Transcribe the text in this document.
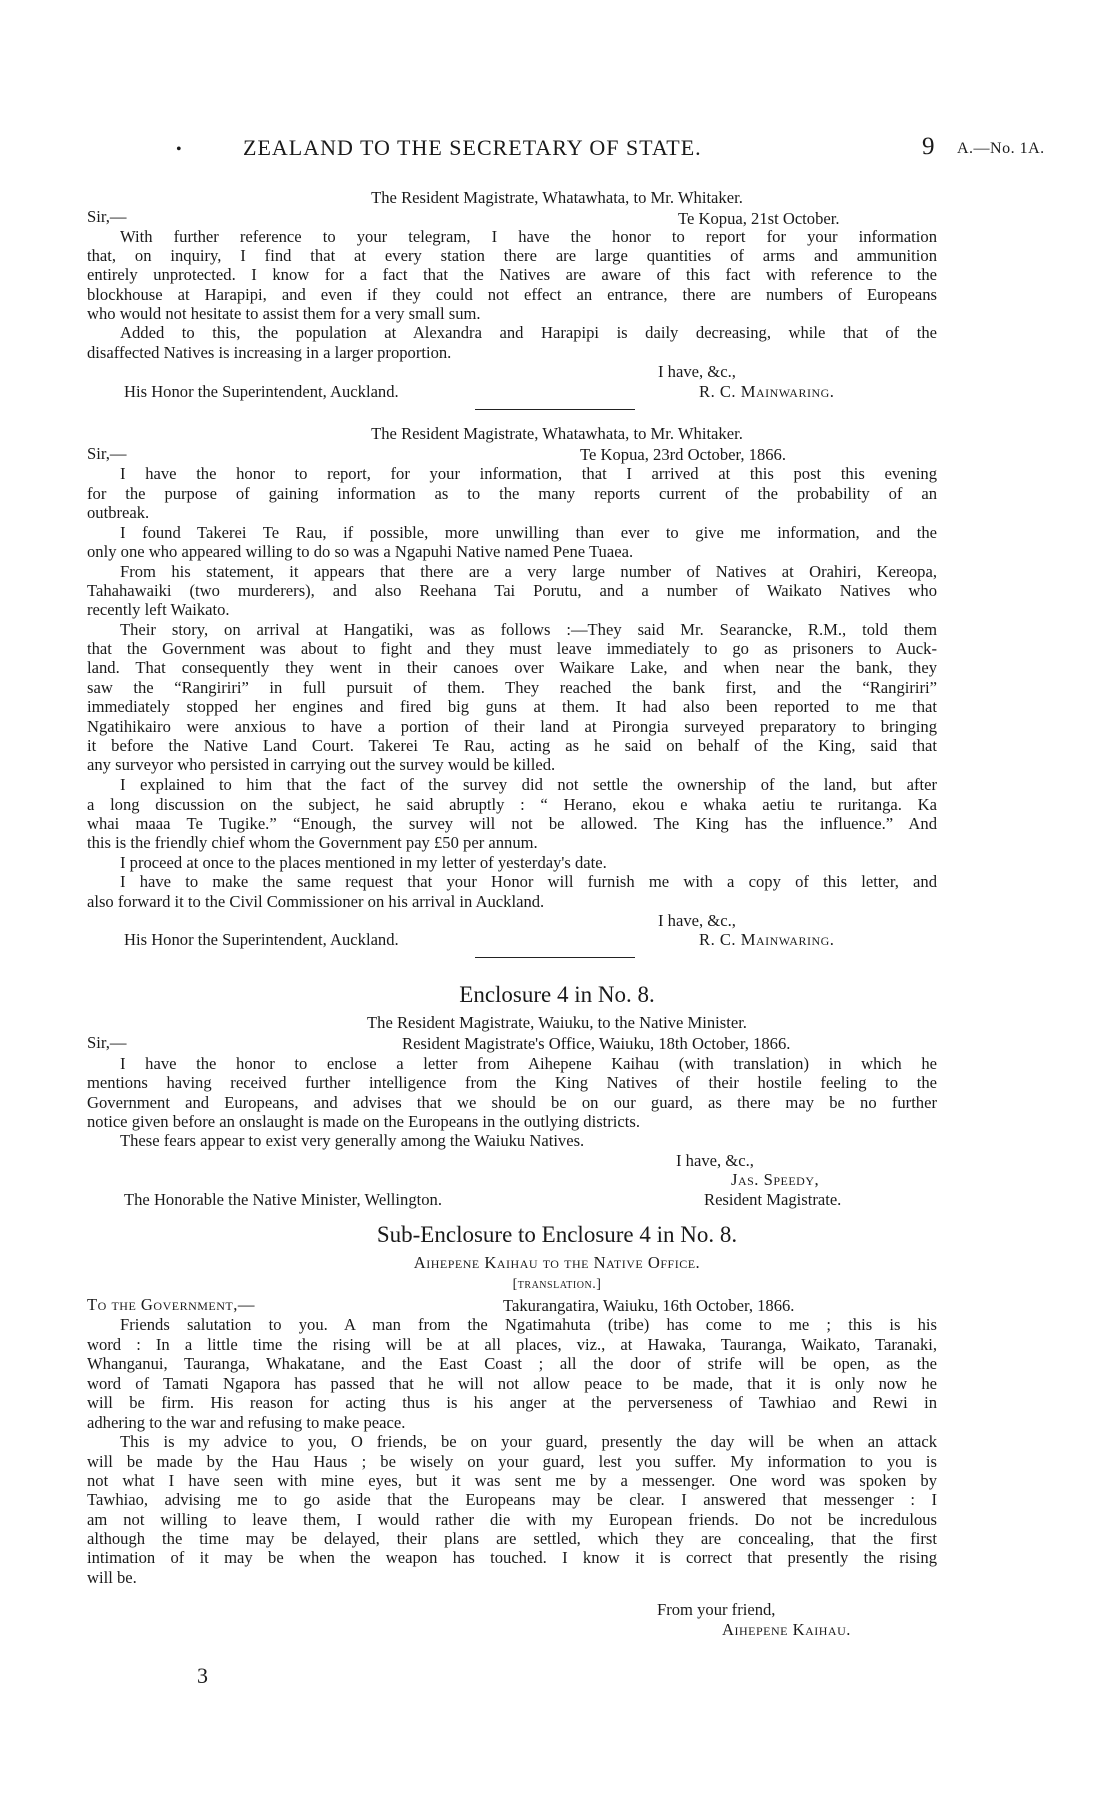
•	ZEALAND TO THE SECRETARY OF STATE.	9 A.—No. 1A.
The Resident Magistrate, Whatawhata, to Mr. Whitaker.
Sir,—	Te Kopua, 21st October.
With further reference to your telegram, I have the honor to report for your information
that, on inquiry, I find that at every station there are large quantities of arms and ammunition
entirely unprotected. I know for a fact that the Natives are aware of this fact with reference to the
blockhouse at Harapipi, and even if they could not effect an entrance, there are numbers of Europeans
who would not hesitate to assist them for a very small sum.
Added to this, the population at Alexandra and Harapipi is daily decreasing, while that of the
disaffected Natives is increasing in a larger proportion.
I have, &c.,
His Honor the Superintendent, Auckland.	R. C. Mainwaring.
The Resident Magistrate, Whatawhata, to Mr. Whitaker.
Sir,—	Te Kopua, 23rd October, 1866.
I have the honor to report, for your information, that I arrived at this post this evening
for the purpose of gaining information as to the many reports current of the probability of an
outbreak.
I found Takerei Te Rau, if possible, more unwilling than ever to give me information, and the
only one who appeared willing to do so was a Ngapuhi Native named Pene Tuaea.
From his statement, it appears that there are a very large number of Natives at Orahiri, Kereopa,
Tahahawaiki (two murderers), and also Reehana Tai Porutu, and a number of Waikato Natives who
recently left Waikato.
Their story, on arrival at Hangatiki, was as follows :—They said Mr. Searancke, R.M., told them
that the Government was about to fight and they must leave immediately to go as prisoners to Auck-
land. That consequently they went in their canoes over Waikare Lake, and when near the bank, they
saw the “Rangiriri” in full pursuit of them. They reached the bank first, and the “Rangiriri”
immediately stopped her engines and fired big guns at them. It had also been reported to me that
Ngatihikairo were anxious to have a portion of their land at Pirongia surveyed preparatory to bringing
it before the Native Land Court. Takerei Te Rau, acting as he said on behalf of the King, said that
any surveyor who persisted in carrying out the survey would be killed.
I explained to him that the fact of the survey did not settle the ownership of the land, but after
a long discussion on the subject, he said abruptly : “ Herano, ekou e whaka aetiu te ruritanga. Ka
whai maaa Te Tugike.” “Enough, the survey will not be allowed. The King has the influence.” And
this is the friendly chief whom the Government pay £50 per annum.
I proceed at once to the places mentioned in my letter of yesterday's date.
I have to make the same request that your Honor will furnish me with a copy of this letter, and
also forward it to the Civil Commissioner on his arrival in Auckland.
I have, &c.,
His Honor the Superintendent, Auckland.	R. C. Mainwaring.
Enclosure 4 in No. 8.
The Resident Magistrate, Waiuku, to the Native Minister.
Sir,—	Resident Magistrate's Office, Waiuku, 18th October, 1866.
I have the honor to enclose a letter from Aihepene Kaihau (with translation) in which he
mentions having received further intelligence from the King Natives of their hostile feeling to the
Government and Europeans, and advises that we should be on our guard, as there may be no further
notice given before an onslaught is made on the Europeans in the outlying districts.
These fears appear to exist very generally among the Waiuku Natives.
I have, &c.,
Jas. Speedy,
The Honorable the Native Minister, Wellington.	Resident Magistrate.
Sub-Enclosure to Enclosure 4 in No. 8.
Aihepene Kaihau to the Native Office.
[translation.]
To the Government,—	Takurangatira, Waiuku, 16th October, 1866.
Friends salutation to you. A man from the Ngatimahuta (tribe) has come to me ; this is his
word : In a little time the rising will be at all places, viz., at Hawaka, Tauranga, Waikato, Taranaki,
Whanganui, Tauranga, Whakatane, and the East Coast ; all the door of strife will be open, as the
word of Tamati Ngapora has passed that he will not allow peace to be made, that it is only now he
will be firm. His reason for acting thus is his anger at the perverseness of Tawhiao and Rewi in
adhering to the war and refusing to make peace.
This is my advice to you, O friends, be on your guard, presently the day will be when an attack
will be made by the Hau Haus ; be wisely on your guard, lest you suffer. My information to you is
not what I have seen with mine eyes, but it was sent me by a messenger. One word was spoken by
Tawhiao, advising me to go aside that the Europeans may be clear. I answered that messenger : I
am not willing to leave them, I would rather die with my European friends. Do not be incredulous
although the time may be delayed, their plans are settled, which they are concealing, that the first
intimation of it may be when the weapon has touched. I know it is correct that presently the rising
will be.
From your friend,
Aihepene Kaihau.
3
